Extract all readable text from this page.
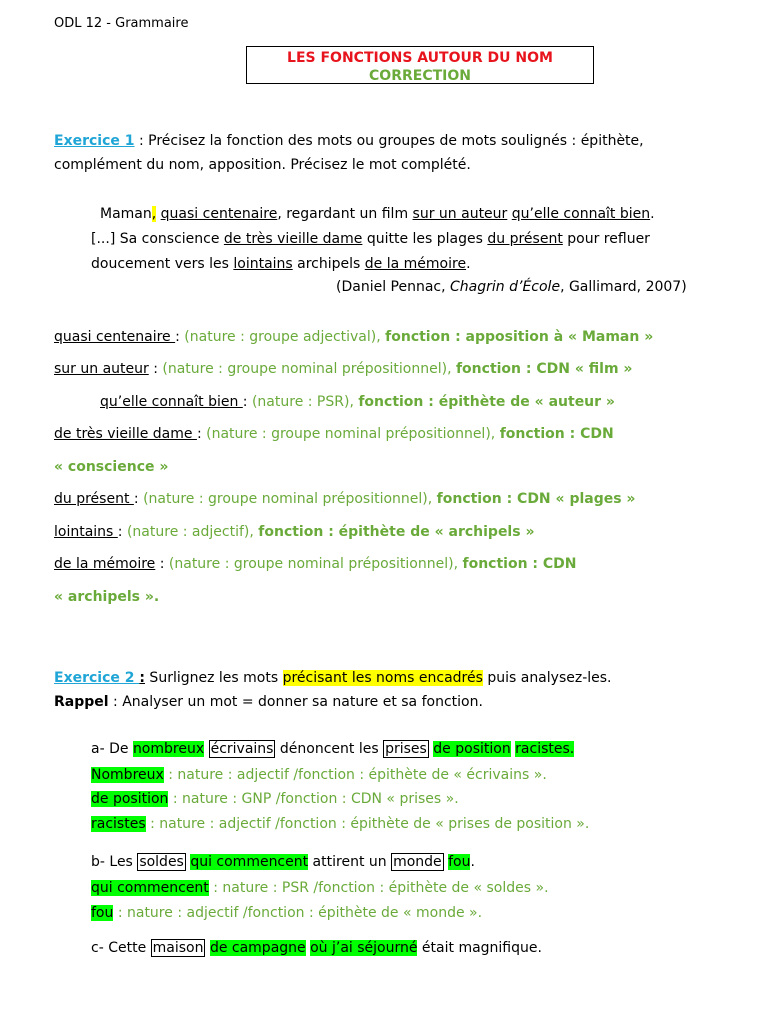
ODL 12 - Grammaire
LES FONCTIONS AUTOUR DU NOM
CORRECTION
Exercice 1 : Précisez la fonction des mots ou groupes de mots soulignés : épithète,
complément du nom, apposition. Précisez le mot complété.
Maman, quasi centenaire, regardant un film sur un auteur qu’elle connaît bien.
[...] Sa conscience de très vieille dame quitte les plages du présent pour refluer
doucement vers les lointains archipels de la mémoire.
(Daniel Pennac, Chagrin d’École, Gallimard, 2007)
quasi centenaire : (nature : groupe adjectival), fonction : apposition à « Maman »
sur un auteur : (nature : groupe nominal prépositionnel), fonction : CDN « film »
qu’elle connaît bien : (nature : PSR), fonction : épithète de « auteur »
de très vieille dame : (nature : groupe nominal prépositionnel), fonction : CDN
« conscience »
du présent : (nature : groupe nominal prépositionnel), fonction : CDN « plages »
lointains : (nature : adjectif), fonction : épithète de « archipels »
de la mémoire : (nature : groupe nominal prépositionnel), fonction : CDN
« archipels ».
Exercice 2 : Surlignez les mots précisant les noms encadrés puis analysez-les.
Rappel : Analyser un mot = donner sa nature et sa fonction.
a- De nombreux écrivains dénoncent les prises de position racistes.
Nombreux : nature : adjectif /fonction : épithète de « écrivains ».
de position : nature : GNP /fonction : CDN « prises ».
racistes : nature : adjectif /fonction : épithète de « prises de position ».
b- Les soldes qui commencent attirent un monde fou.
qui commencent : nature : PSR /fonction : épithète de « soldes ».
fou : nature : adjectif /fonction : épithète de « monde ».
c- Cette maison de campagne où j’ai séjourné était magnifique.
